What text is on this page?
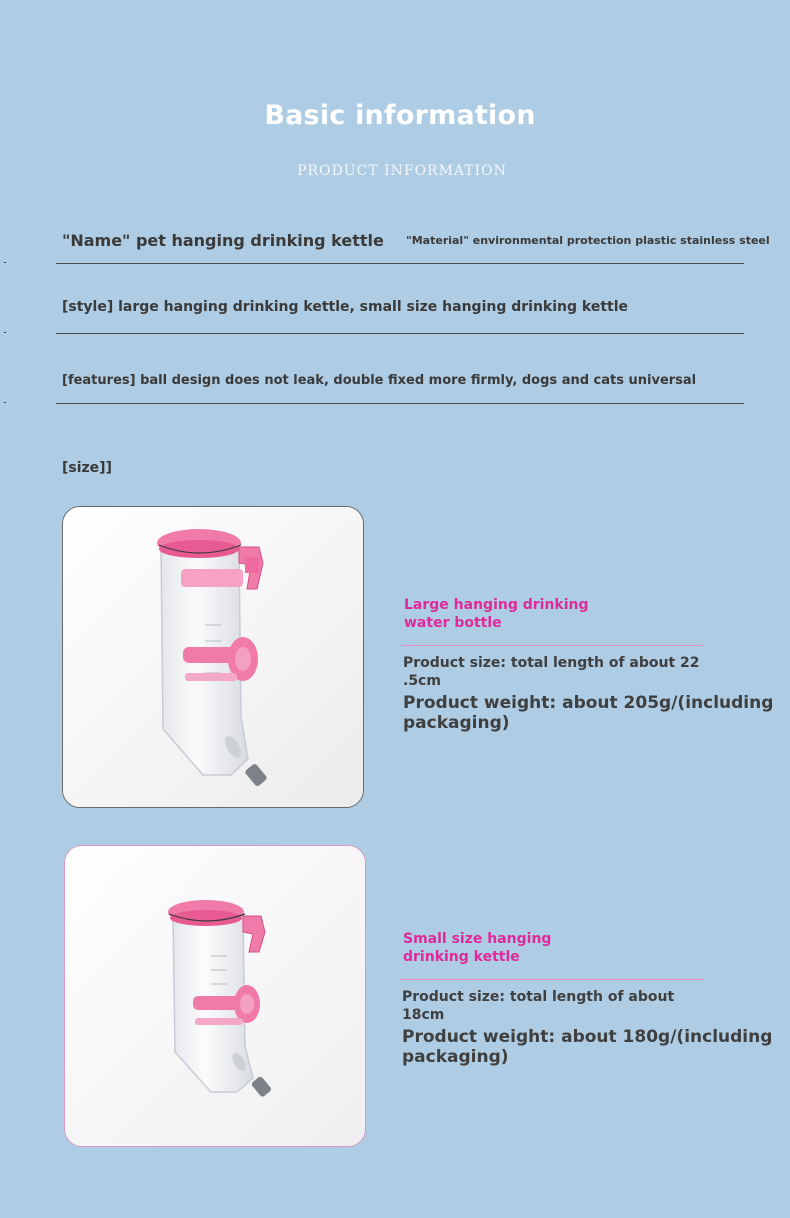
Basic information
PRODUCT INFORMATION
"Name" pet hanging drinking kettle "Material" environmental protection plastic stainless steel
[style] large hanging drinking kettle, small size hanging drinking kettle
[features] ball design does not leak, double fixed more firmly, dogs and cats universal
[size]]
Large hanging drinking
water bottle
Product size: total length of about 22
.5cm
Product weight: about 205g/(including
packaging)
Small size hanging
drinking kettle
Product size: total length of about
18cm
Product weight: about 180g/(including
packaging)
